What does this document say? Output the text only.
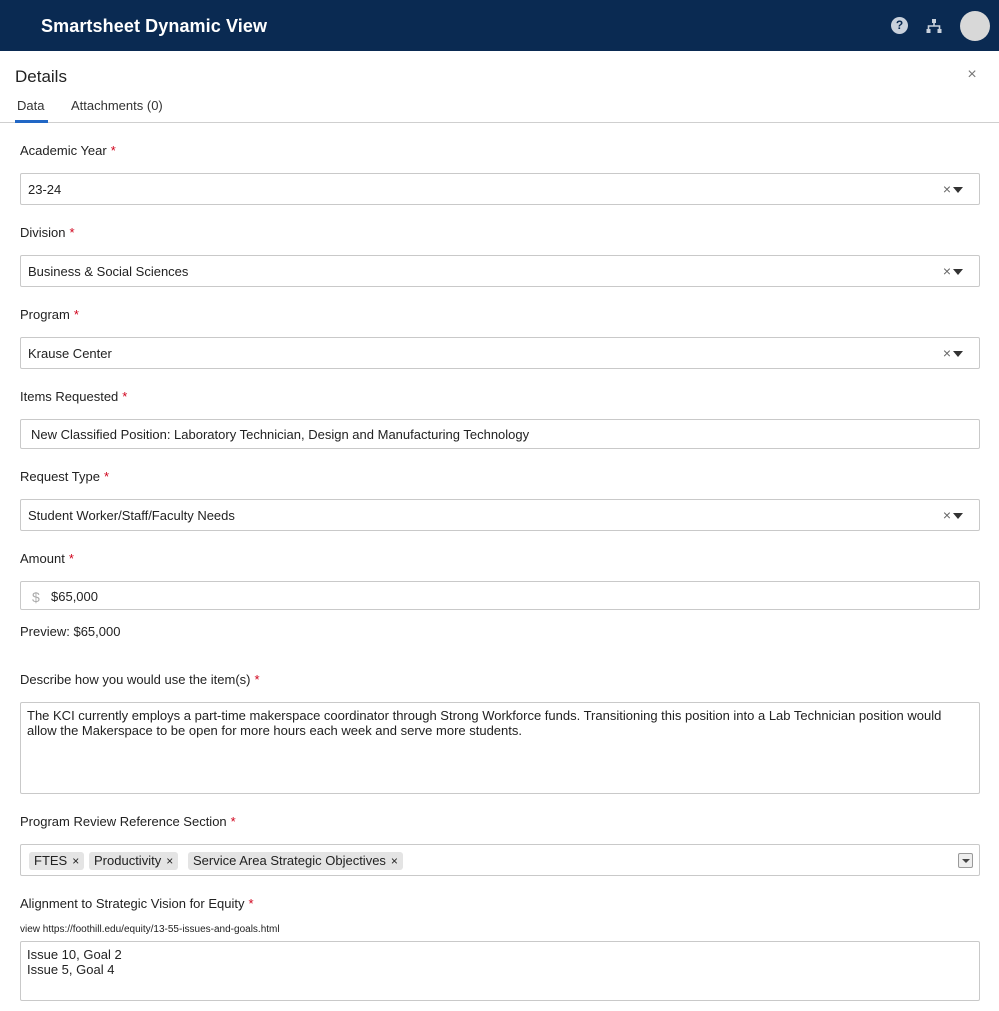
Smartsheet Dynamic View	?
Details	×
Data Attachments (0)
Academic Year *
23-24	×
Division *
Business & Social Sciences	×
Program *
Krause Center	×
Items Requested *
New Classified Position: Laboratory Technician, Design and Manufacturing Technology
Request Type *
Student Worker/Staff/Faculty Needs	×
Amount *
$ $65,000
Preview: $65,000
Describe how you would use the item(s) *
The KCI currently employs a part-time makerspace coordinator through Strong Workforce funds. Transitioning this position into a Lab Technician position would allow the Makerspace to be open for more hours each week and serve more students.
Program Review Reference Section *
FTES ×	Productivity ×	Service Area Strategic Objectives ×
Alignment to Strategic Vision for Equity *
view https://foothill.edu/equity/13-55-issues-and-goals.html
Issue 10, Goal 2
Issue 5, Goal 4
